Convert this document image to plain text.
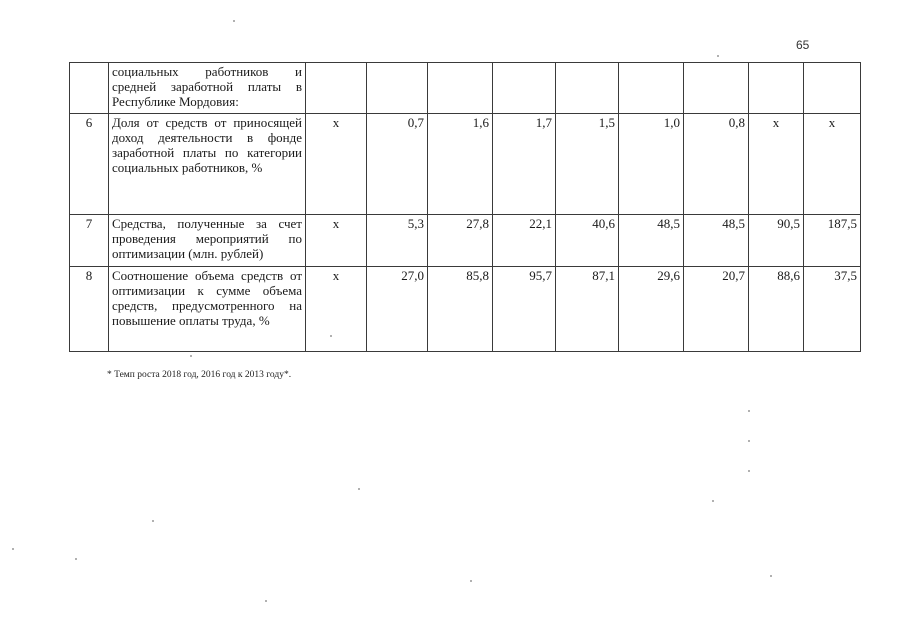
65
	социальных работников и средней заработной платы в Республике Мордовия:									
6	Доля от средств от приносящей доход деятельности в фонде заработной платы по категории социальных работников, %	х	0,7	1,6	1,7	1,5	1,0	0,8	х	х
7	Средства, полученные за счет проведения мероприятий по оптимизации (млн. рублей)	х	5,3	27,8	22,1	40,6	48,5	48,5	90,5	187,5
8	Соотношение объема средств от оптимизации к сумме объема средств, предусмотренного на повышение оплаты труда, %	х	27,0	85,8	95,7	87,1	29,6	20,7	88,6	37,5
* Темп роста 2018 год, 2016 год к 2013 году*.
